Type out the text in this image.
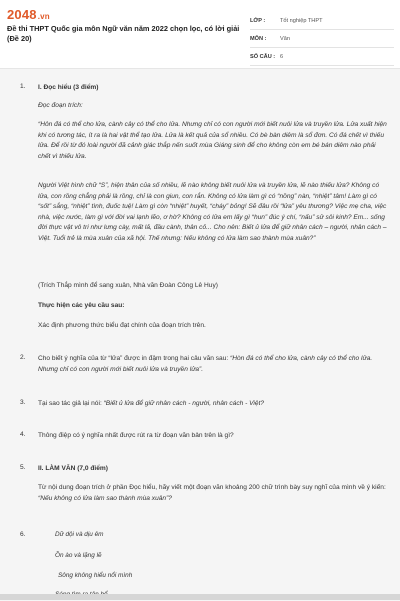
2048.vn
Đề thi THPT Quốc gia môn Ngữ văn năm 2022 chọn lọc, có lời giải (Đề 20)
LỚP :	Tốt nghiệp THPT
MÔN :	Văn
SỐ CÂU : 6
1. I. Đọc hiểu (3 điểm)
Đọc đoạn trích:
“Hôn đá có thể cho lửa, cành cây có thể cho lửa. Nhưng chỉ có con người mới biết nuôi lửa và truyền lửa. Lửa xuất hiện khi có tương tác, ít ra là hai vật thể tạo lửa. Lửa là kết quả của sổ nhiều. Có bè bàn diêm là sổ đơn. Có đá chết vì thiếu lửa. Để rồi từ đó loài người đã cảnh giác thắp nến suốt mùa Giáng sinh để cho không còn em bé bán diêm nào phải chết vì thiếu lửa.
Người Việt hình chữ “S”, hiện thân của số nhiều, lẽ nào không biết nuôi lửa và truyền lửa, lẽ nào thiếu lửa? Không có lửa, con rồng chẳng phải là rồng, chỉ là con giun, con rắn. Không có lửa làm gì có “nồng” nàn, “nhiệt” tâm! Làm gì có “sốt” sắng, “nhiệt” tình, đuốc tuệ! Làm gì còn “nhiệt” huyết, “cháy” bỏng! Sẽ đâu rồi “lửa” yêu thương? Việc mẹ cha, việc nhà, việc nước, làm gì với đời vai lạnh lẽo, ơ hờ? Không có lửa em lấy gì “hun” đúc ý chí, “nấu” sử sôi kinh? Em... sống đời thực vật vô tri như lưng cày, mất lả, đầu cành, thân cỏ... Cho nên: Biết ủ lửa để giữ nhân cách – người, nhân cách – Việt. Tuổi trẻ là mùa xuân của xã hội. Thế nhưng: Nếu không có lửa làm sao thành mùa xuân?”
(Trích Thắp mình để sang xuân, Nhà văn Đoàn Công Lê Huy)
Thực hiện các yêu cầu sau:
Xác định phương thức biểu đạt chính của đoạn trích trên.
2. Cho biết ý nghĩa của từ “lửa” được in đậm trong hai câu văn sau: “Hòn đá có thể cho lửa, cành cây có thể cho lửa. Nhưng chỉ có con người mới biết nuôi lửa và truyền lửa”.
3. Tại sao tác giả lại nói: “Biết ủ lửa để giữ nhân cách - người, nhân cách - Việt?
4. Thông điệp có ý nghĩa nhất được rút ra từ đoạn văn bản trên là gì?
5. II. LÀM VĂN (7,0 điểm)
Từ nội dung đoạn trích ở phần Đọc hiểu, hãy viết một đoạn văn khoảng 200 chữ trình bày suy nghĩ của mình về ý kiến: “Nếu không có lửa làm sao thành mùa xuân”?
6.	Dữ dội và dịu êm
Ồn ào và lặng lẽ
Sông không hiểu nổi mình
